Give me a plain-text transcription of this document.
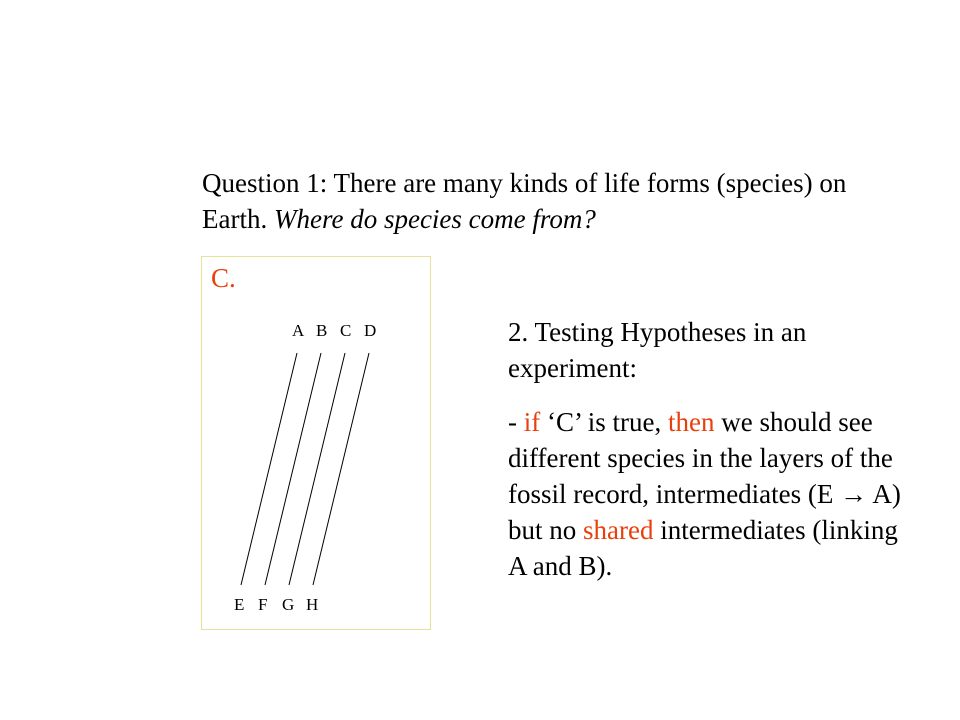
Question 1: There are many kinds of life forms (species) on Earth. Where do species come from?
C.
A B C D
E F G H

2. Testing Hypotheses in an experiment:

- if ‘C’ is true, then we should see different species in the layers of the fossil record, intermediates (E → A) but no shared intermediates (linking A and B).
